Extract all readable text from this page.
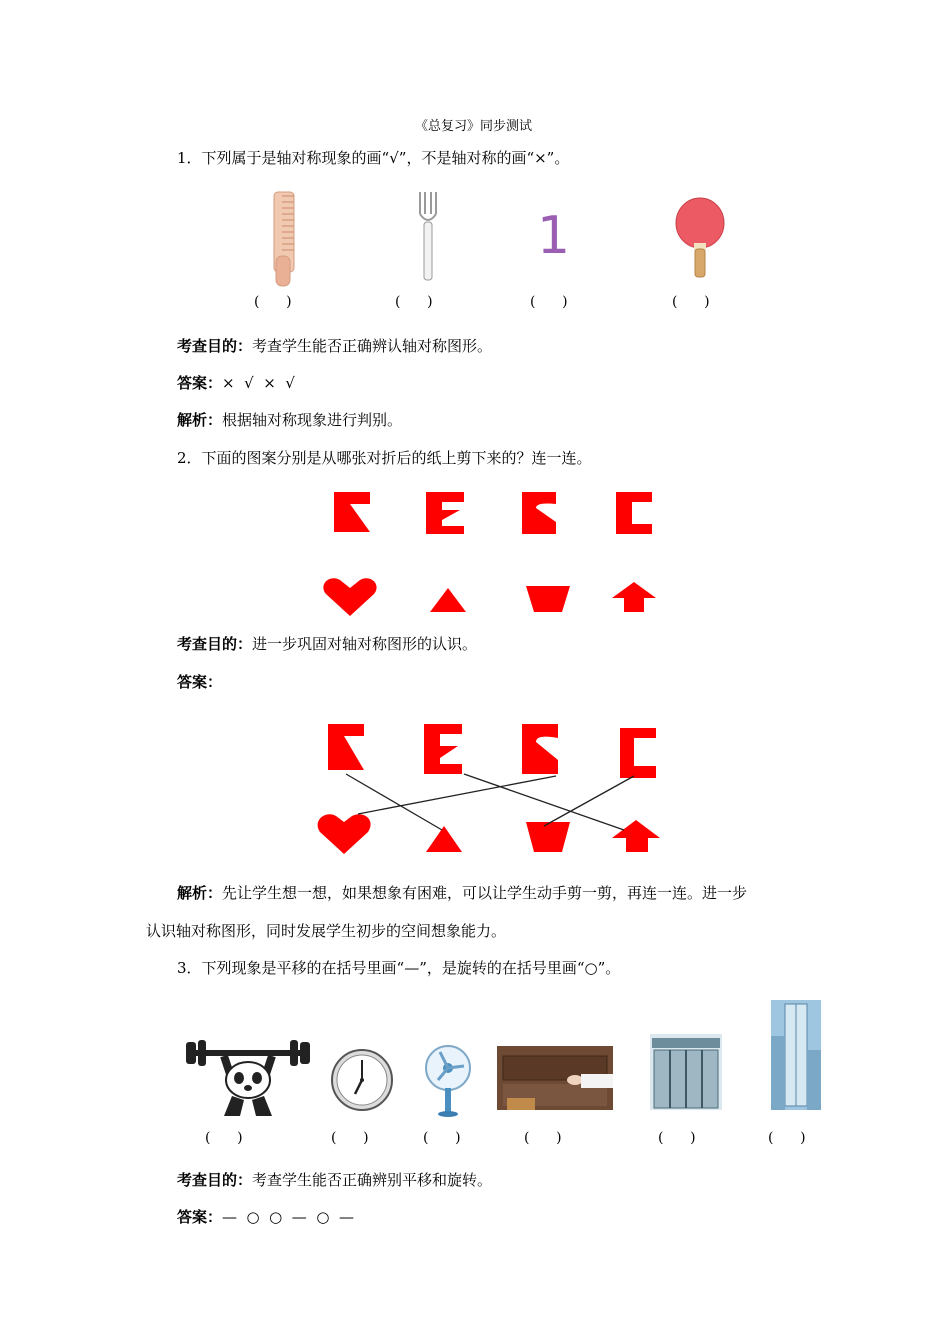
《总复习》同步测试
1．下列属于是轴对称现象的画“√”，不是轴对称的画“×”。
1
(      )	(      )	(      )	(      )
考查目的：考查学生能否正确辨认轴对称图形。
答案：×  √  ×  √
解析：根据轴对称现象进行判别。
2．下面的图案分别是从哪张对折后的纸上剪下来的？连一连。
考查目的：进一步巩固对轴对称图形的认识。
答案：
解析：先让学生想一想，如果想象有困难，可以让学生动手剪一剪，再连一连。进一步
认识轴对称图形，同时发展学生初步的空间想象能力。
3．下列现象是平移的在括号里画“—”，是旋转的在括号里画“○”。
(      )	(      )	(      )	(      )	(      )	(      )
考查目的：考查学生能否正确辨别平移和旋转。
答案：—  ○  ○  —  ○  —
